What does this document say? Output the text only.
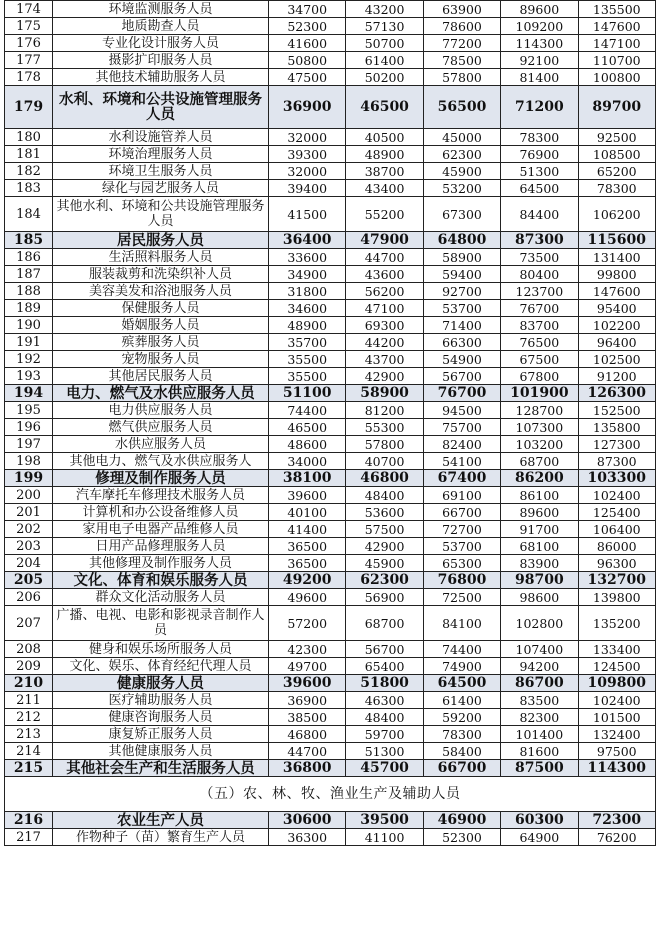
174	环境监测服务人员	34700	43200	63900	89600	135500
175	地质勘查人员	52300	57130	78600	109200	147600
176	专业化设计服务人员	41600	50700	77200	114300	147100
177	摄影扩印服务人员	50800	61400	78500	92100	110700
178	其他技术辅助服务人员	47500	50200	57800	81400	100800
179	水利、环境和公共设施管理服务人员	36900	46500	56500	71200	89700
180	水利设施管养人员	32000	40500	45000	78300	92500
181	环境治理服务人员	39300	48900	62300	76900	108500
182	环境卫生服务人员	32000	38700	45900	51300	65200
183	绿化与园艺服务人员	39400	43400	53200	64500	78300
184	其他水利、环境和公共设施管理服务人员	41500	55200	67300	84400	106200
185	居民服务人员	36400	47900	64800	87300	115600
186	生活照料服务人员	33600	44700	58900	73500	131400
187	服装裁剪和洗染织补人员	34900	43600	59400	80400	99800
188	美容美发和浴池服务人员	31800	56200	92700	123700	147600
189	保健服务人员	34600	47100	53700	76700	95400
190	婚姻服务人员	48900	69300	71400	83700	102200
191	殡葬服务人员	35700	44200	66300	76500	96400
192	宠物服务人员	35500	43700	54900	67500	102500
193	其他居民服务人员	35500	42900	56700	67800	91200
194	电力、燃气及水供应服务人员	51100	58900	76700	101900	126300
195	电力供应服务人员	74400	81200	94500	128700	152500
196	燃气供应服务人员	46500	55300	75700	107300	135800
197	水供应服务人员	48600	57800	82400	103200	127300
198	其他电力、燃气及水供应服务人	34000	40700	54100	68700	87300
199	修理及制作服务人员	38100	46800	67400	86200	103300
200	汽车摩托车修理技术服务人员	39600	48400	69100	86100	102400
201	计算机和办公设备维修人员	40100	53600	66700	89600	125400
202	家用电子电器产品维修人员	41400	57500	72700	91700	106400
203	日用产品修理服务人员	36500	42900	53700	68100	86000
204	其他修理及制作服务人员	36500	45900	65300	83900	96300
205	文化、体育和娱乐服务人员	49200	62300	76800	98700	132700
206	群众文化活动服务人员	49600	56900	72500	98600	139800
207	广播、电视、电影和影视录音制作人员	57200	68700	84100	102800	135200
208	健身和娱乐场所服务人员	42300	56700	74400	107400	133400
209	文化、娱乐、体育经纪代理人员	49700	65400	74900	94200	124500
210	健康服务人员	39600	51800	64500	86700	109800
211	医疗辅助服务人员	36900	46300	61400	83500	102400
212	健康咨询服务人员	38500	48400	59200	82300	101500
213	康复矫正服务人员	46800	59700	78300	101400	132400
214	其他健康服务人员	44700	51300	58400	81600	97500
215	其他社会生产和生活服务人员	36800	45700	66700	87500	114300
（五）农、林、牧、渔业生产及辅助人员						
216	农业生产人员	30600	39500	46900	60300	72300
217	作物种子（苗）繁育生产人员	36300	41100	52300	64900	76200
